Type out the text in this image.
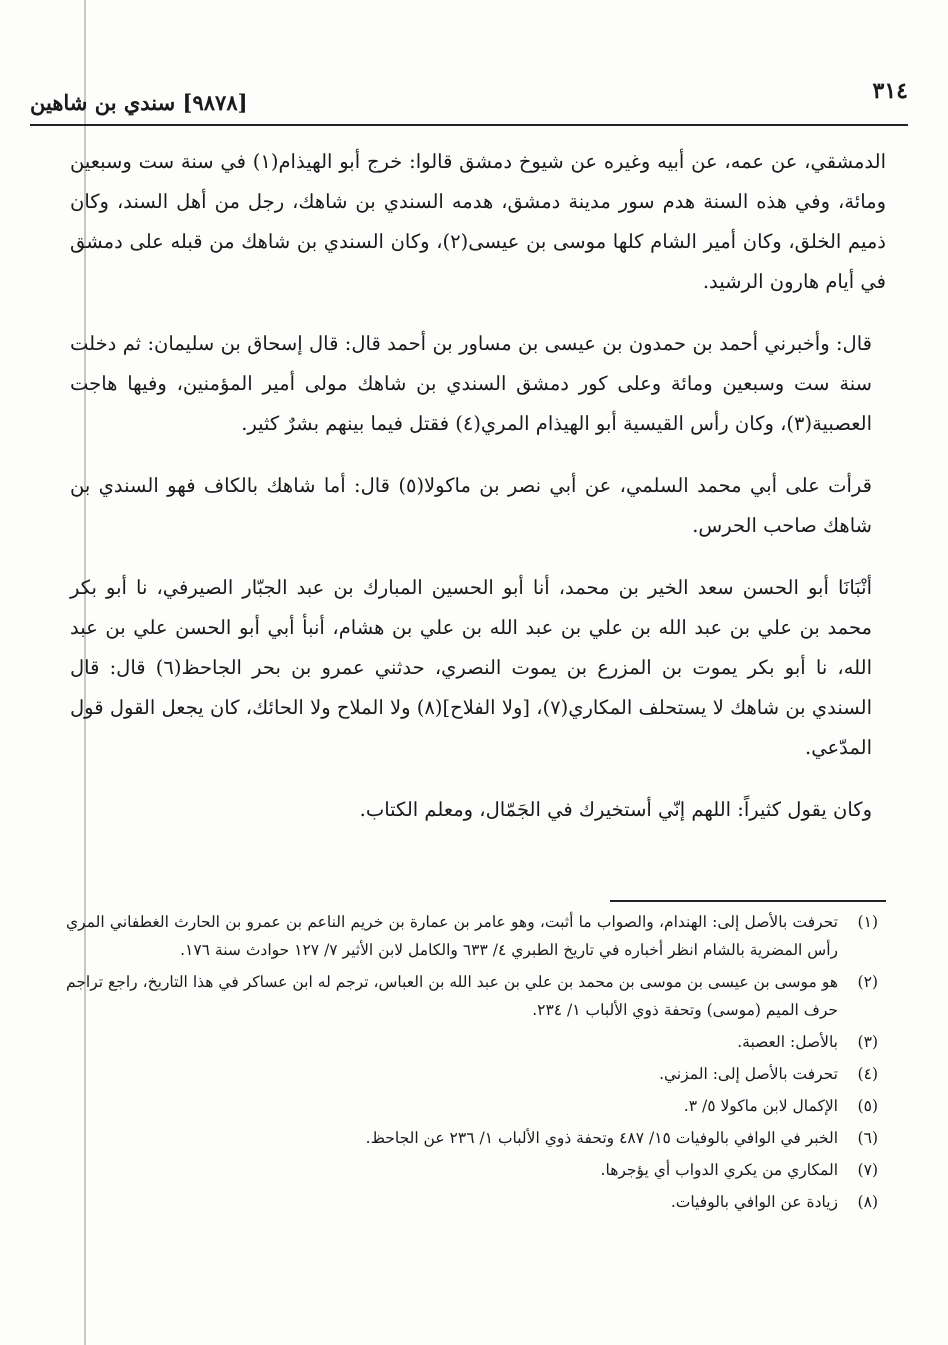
٣١٤
[٩٨٧٨] سندي بن شاهين

الدمشقي، عن عمه، عن أبيه وغيره عن شيوخ دمشق قالوا: خرج أبو الهيذام(١) في سنة ست وسبعين ومائة، وفي هذه السنة هدم سور مدينة دمشق، هدمه السندي بن شاهك، رجل من أهل السند، وكان ذميم الخلق، وكان أمير الشام كلها موسى بن عيسى(٢)، وكان السندي بن شاهك من قبله على دمشق في أيام هارون الرشيد.

قال: وأخبرني أحمد بن حمدون بن عيسى بن مساور بن أحمد قال: قال إسحاق بن سليمان: ثم دخلت سنة ست وسبعين ومائة وعلى كور دمشق السندي بن شاهك مولى أمير المؤمنين، وفيها هاجت العصبية(٣)، وكان رأس القيسية أبو الهيذام المري(٤) فقتل فيما بينهم بشرٌ كثير.

قرأت على أبي محمد السلمي، عن أبي نصر بن ماكولا(٥) قال: أما شاهك بالكاف فهو السندي بن شاهك صاحب الحرس.

أنْبَانَا أبو الحسن سعد الخير بن محمد، أنا أبو الحسين المبارك بن عبد الجبّار الصيرفي، نا أبو بكر محمد بن علي بن عبد الله بن علي بن عبد الله بن علي بن هشام، أنبأ أبي أبو الحسن علي بن عبد الله، نا أبو بكر يموت بن المزرع بن يموت النصري، حدثني عمرو بن بحر الجاحظ(٦) قال: قال السندي بن شاهك لا يستحلف المكاري(٧)، [ولا الفلاح](٨) ولا الملاح ولا الحائك، كان يجعل القول قول المدّعي.

وكان يقول كثيراً: اللهم إنّي أستخيرك في الجَمّال، ومعلم الكتاب.

(١)
تحرفت بالأصل إلى: الهندام، والصواب ما أثبت، وهو عامر بن عمارة بن خريم الناعم بن عمرو بن الحارث الغطفاني المري رأس المضرية بالشام انظر أخباره في تاريخ الطبري ٤/ ٦٣٣ والكامل لابن الأثير ٧/ ١٢٧ حوادث سنة ١٧٦.
(٢)
هو موسى بن عيسى بن موسى بن محمد بن علي بن عبد الله بن العباس، ترجم له ابن عساكر في هذا التاريخ، راجع تراجم حرف الميم (موسى) وتحفة ذوي الألباب ١/ ٢٣٤.
(٣)
بالأصل: العصبة.
(٤)
تحرفت بالأصل إلى: المزني.
(٥)
الإكمال لابن ماكولا ٥/ ٣.
(٦)
الخبر في الوافي بالوفيات ١٥/ ٤٨٧ وتحفة ذوي الألباب ١/ ٢٣٦ عن الجاحظ.
(٧)
المكاري من يكري الدواب أي يؤجرها.
(٨)
زيادة عن الوافي بالوفيات.
